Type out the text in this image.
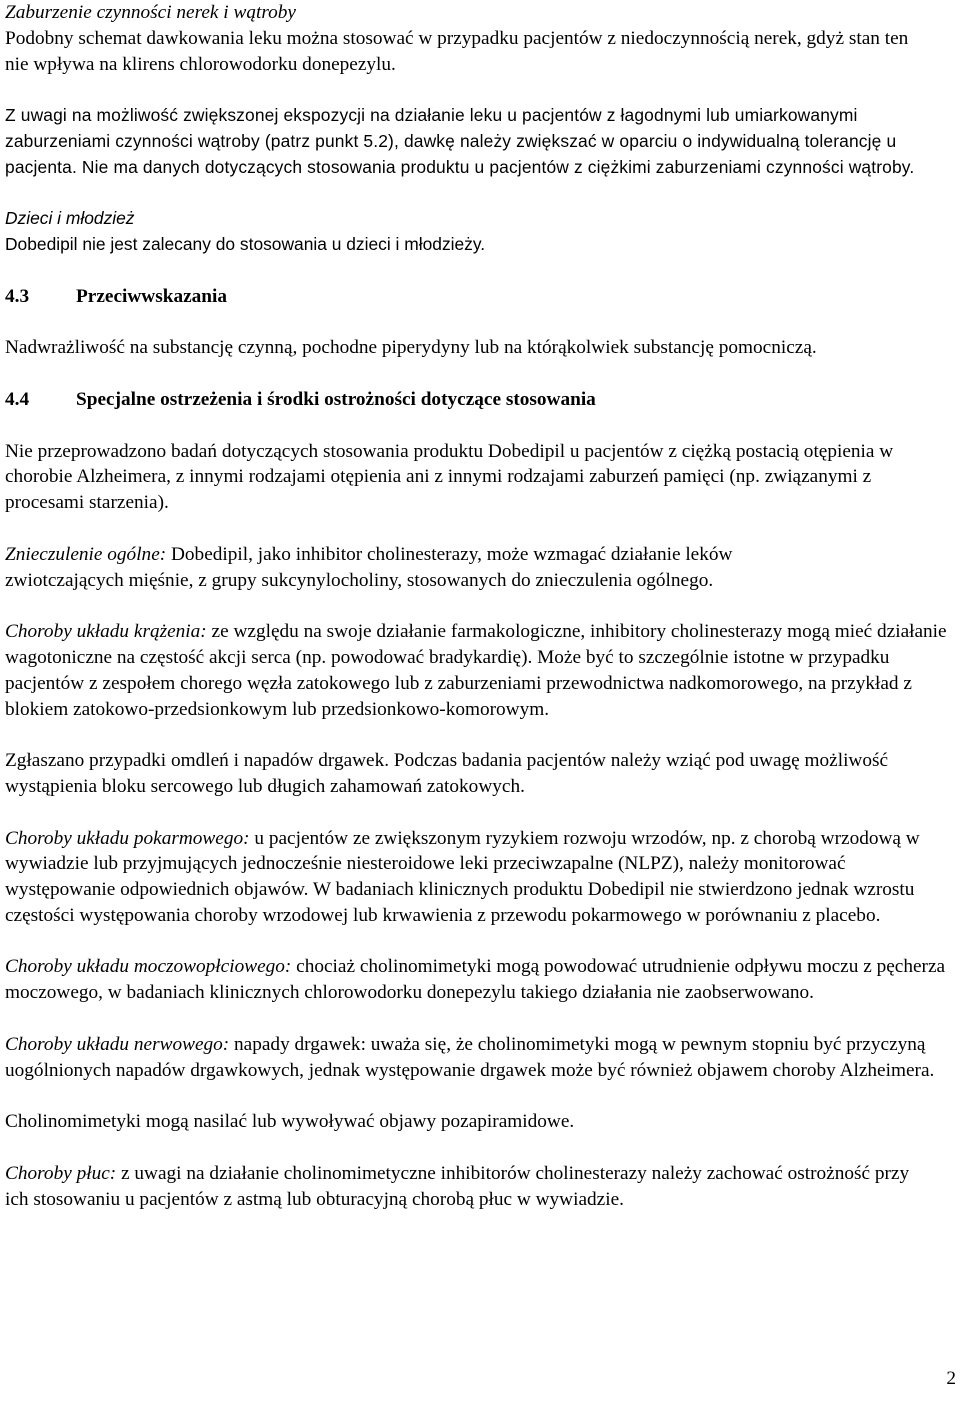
Zaburzenie czynności nerek i wątroby

Podobny schemat dawkowania leku można stosować w przypadku pacjentów z niedoczynnością nerek, gdyż stan ten nie wpływa na klirens chlorowodorku donepezylu.

Z uwagi na możliwość zwiększonej ekspozycji na działanie leku u pacjentów z łagodnymi lub umiarkowanymi zaburzeniami czynności wątroby (patrz punkt 5.2), dawkę należy zwiększać w oparciu o indywidualną tolerancję u pacjenta. Nie ma danych dotyczących stosowania produktu u pacjentów z ciężkimi zaburzeniami czynności wątroby.

Dzieci i młodzież

Dobedipil nie jest zalecany do stosowania u dzieci i młodzieży.

4.3	Przeciwwskazania

Nadwrażliwość na substancję czynną, pochodne piperydyny lub na którąkolwiek substancję pomocniczą.

4.4	Specjalne ostrzeżenia i środki ostrożności dotyczące stosowania

Nie przeprowadzono badań dotyczących stosowania produktu Dobedipil u pacjentów z ciężką postacią otępienia w chorobie Alzheimera, z innymi rodzajami otępienia ani z innymi rodzajami zaburzeń pamięci (np. związanymi z procesami starzenia).

Znieczulenie ogólne: Dobedipil, jako inhibitor cholinesterazy, może wzmagać działanie leków zwiotczających mięśnie, z grupy sukcynylocholiny, stosowanych do znieczulenia ogólnego.

Choroby układu krążenia: ze względu na swoje działanie farmakologiczne, inhibitory cholinesterazy mogą mieć działanie wagotoniczne na częstość akcji serca (np. powodować bradykardię). Może być to szczególnie istotne w przypadku pacjentów z zespołem chorego węzła zatokowego lub z zaburzeniami przewodnictwa nadkomorowego, na przykład z blokiem zatokowo-przedsionkowym lub przedsionkowo-komorowym.

Zgłaszano przypadki omdleń i napadów drgawek. Podczas badania pacjentów należy wziąć pod uwagę możliwość wystąpienia bloku sercowego lub długich zahamowań zatokowych.

Choroby układu pokarmowego: u pacjentów ze zwiększonym ryzykiem rozwoju wrzodów, np. z chorobą wrzodową w wywiadzie lub przyjmujących jednocześnie niesteroidowe leki przeciwzapalne (NLPZ), należy monitorować występowanie odpowiednich objawów. W badaniach klinicznych produktu Dobedipil nie stwierdzono jednak wzrostu częstości występowania choroby wrzodowej lub krwawienia z przewodu pokarmowego w porównaniu z placebo.

Choroby układu moczowopłciowego: chociaż cholinomimetyki mogą powodować utrudnienie odpływu moczu z pęcherza moczowego, w badaniach klinicznych chlorowodorku donepezylu takiego działania nie zaobserwowano.

Choroby układu nerwowego: napady drgawek: uważa się, że cholinomimetyki mogą w pewnym stopniu być przyczyną uogólnionych napadów drgawkowych, jednak występowanie drgawek może być również objawem choroby Alzheimera.

Cholinomimetyki mogą nasilać lub wywoływać objawy pozapiramidowe.

Choroby płuc: z uwagi na działanie cholinomimetyczne inhibitorów cholinesterazy należy zachować ostrożność przy ich stosowaniu u pacjentów z astmą lub obturacyjną chorobą płuc w wywiadzie.

2
